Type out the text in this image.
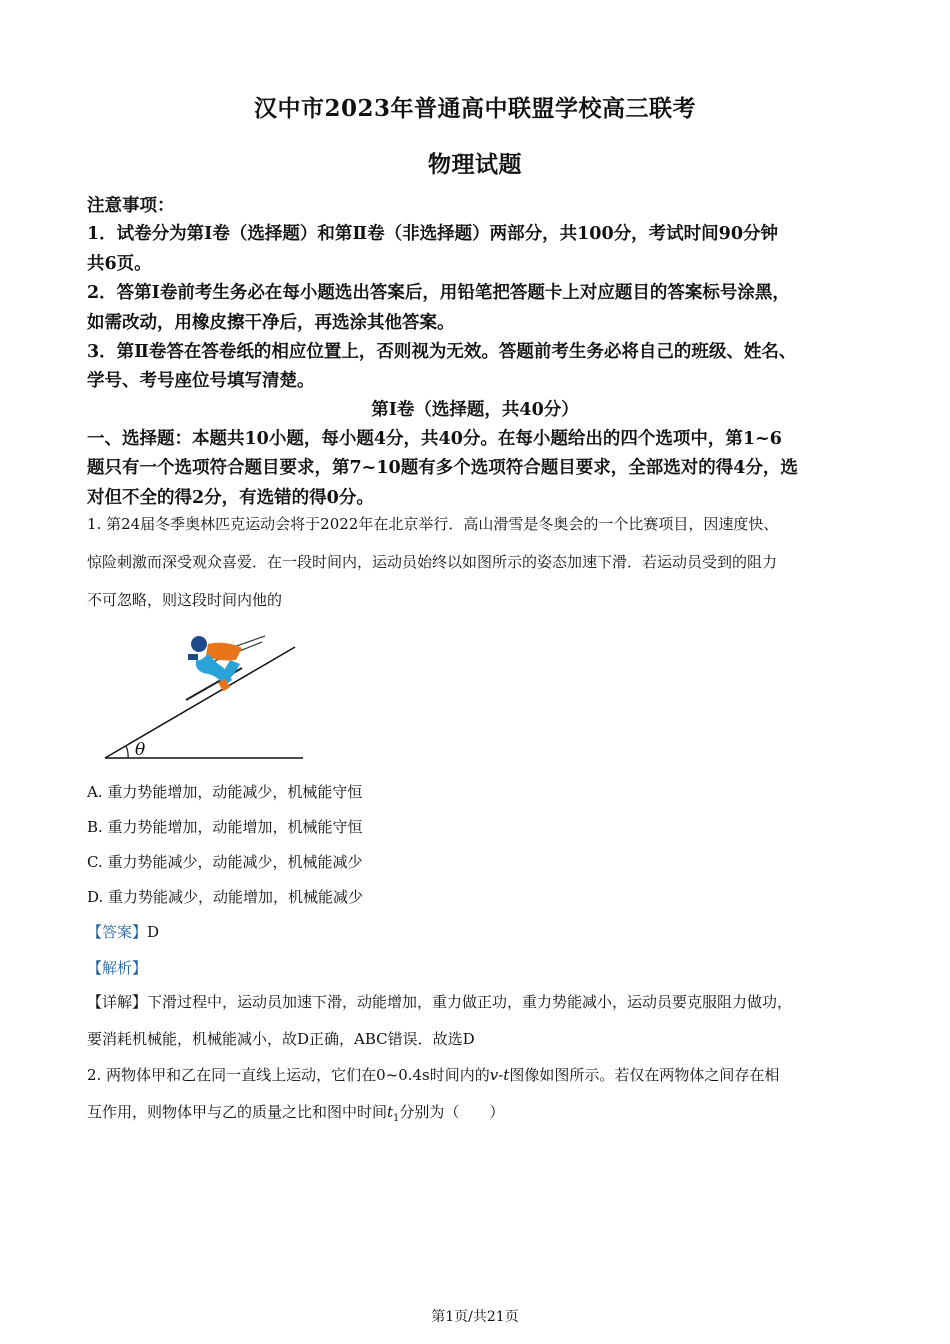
汉中市2023年普通高中联盟学校高三联考
物理试题
注意事项：
1．试卷分为第Ⅰ卷（选择题）和第Ⅱ卷（非选择题）两部分，共100分，考试时间90分钟
共6页。
2．答第Ⅰ卷前考生务必在每小题选出答案后，用铅笔把答题卡上对应题目的答案标号涂黑，
如需改动，用橡皮擦干净后，再选涂其他答案。
3．第Ⅱ卷答在答卷纸的相应位置上，否则视为无效。答题前考生务必将自己的班级、姓名、
学号、考号座位号填写清楚。
第Ⅰ卷（选择题，共40分）
一、选择题：本题共10小题，每小题4分，共40分。在每小题给出的四个选项中，第1~6
题只有一个选项符合题目要求，第7~10题有多个选项符合题目要求，全部选对的得4分，选
对但不全的得2分，有选错的得0分。
1. 第24届冬季奥林匹克运动会将于2022年在北京举行．高山滑雪是冬奥会的一个比赛项目，因速度快、
惊险刺激而深受观众喜爱．在一段时间内，运动员始终以如图所示的姿态加速下滑．若运动员受到的阻力
不可忽略，则这段时间内他的
θ
A. 重力势能增加，动能减少，机械能守恒
B. 重力势能增加，动能增加，机械能守恒
C. 重力势能减少，动能减少，机械能减少
D. 重力势能减少，动能增加，机械能减少
【答案】D
【解析】
【详解】下滑过程中，运动员加速下滑，动能增加，重力做正功，重力势能减小，运动员要克服阻力做功，
要消耗机械能，机械能减小，故D正确，ABC错误．故选D
2. 两物体甲和乙在同一直线上运动，它们在0~0.4s时间内的v-t图像如图所示。若仅在两物体之间存在相
互作用，则物体甲与乙的质量之比和图中时间$t_1$分别为（　　）
第1页/共21页
